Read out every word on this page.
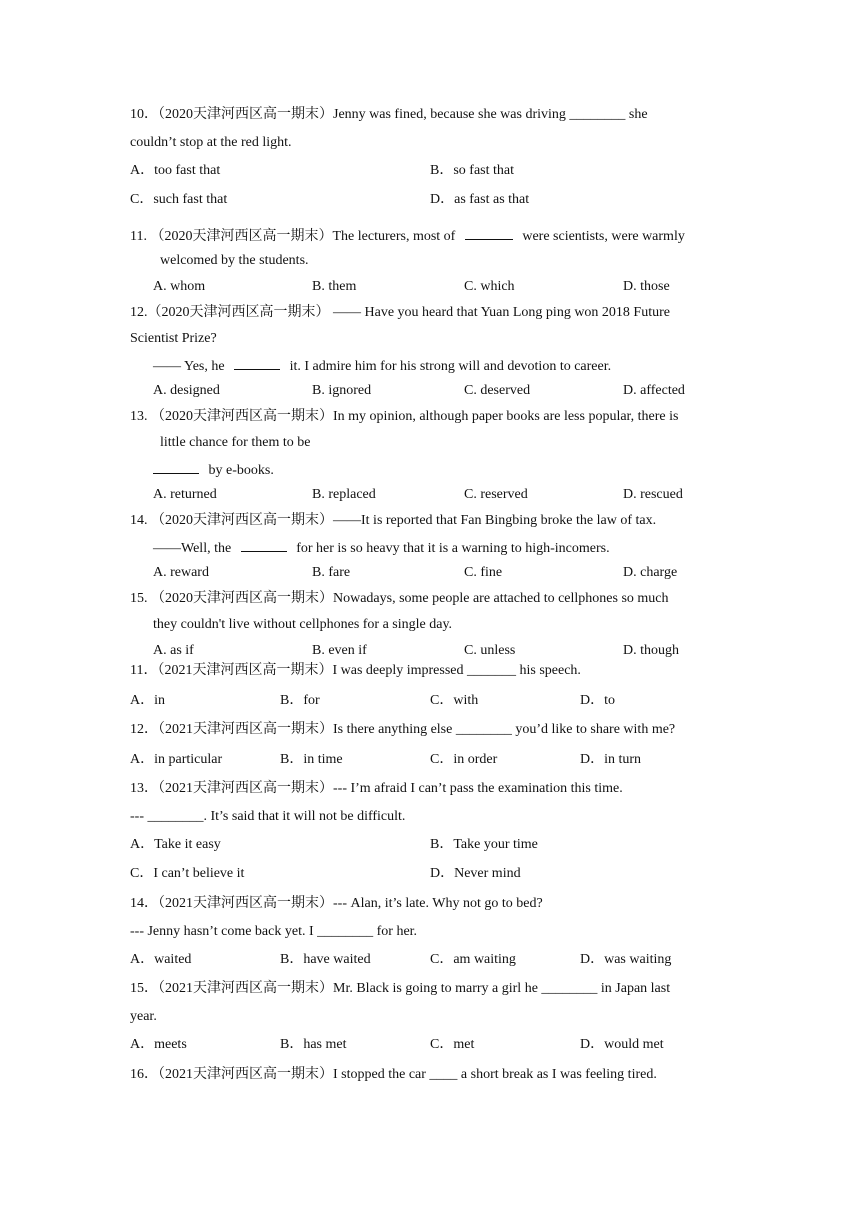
10．（2020天津河西区高一期末）Jenny was fined, because she was driving ________ she
couldn’t stop at the red light.
A．too fast that	B．so fast that
C．such fast that	D．as fast as that
11. （2020天津河西区高一期末）The lecturers, most of	were scientists, were warmly
welcomed by the students.
A. whom	B. them	C. which	D. those
12.（2020天津河西区高一期末） —— Have you heard that Yuan Long ping won 2018 Future
Scientist Prize?
—— Yes, he	it. I admire him for his strong will and devotion to career.
A. designed	B. ignored	C. deserved	D. affected
13. （2020天津河西区高一期末）In my opinion, although paper books are less popular, there is
little chance for them to be
by e-books.
A. returned	B. replaced	C. reserved	D. rescued
14. （2020天津河西区高一期末）——It is reported that Fan Bingbing broke the law of tax.
——Well, the	for her is so heavy that it is a warning to high-incomers.
A. reward	B. fare	C. fine	D. charge
15. （2020天津河西区高一期末）Nowadays, some people are attached to cellphones so much
they couldn't live without cellphones for a single day.
A. as if	B. even if	C. unless	D. though
11．（2021天津河西区高一期末）I was deeply impressed _______ his speech.
A．in	B．for	C．with	D．to
12．（2021天津河西区高一期末）Is there anything else ________ you’d like to share with me?
A．in particular	B．in time	C．in order	D．in turn
13．（2021天津河西区高一期末）--- I’m afraid I can’t pass the examination this time.
--- ________. It’s said that it will not be difficult.
A．Take it easy	B．Take your time
C．I can’t believe it	D．Never mind
14．（2021天津河西区高一期末）--- Alan, it’s late. Why not go to bed?
--- Jenny hasn’t come back yet. I ________ for her.
A．waited	B．have waited	C．am waiting	D．was waiting
15．（2021天津河西区高一期末）Mr. Black is going to marry a girl he ________ in Japan last
year.
A．meets	B．has met	C．met	D．would met
16．（2021天津河西区高一期末）I stopped the car ____ a short break as I was feeling tired.
